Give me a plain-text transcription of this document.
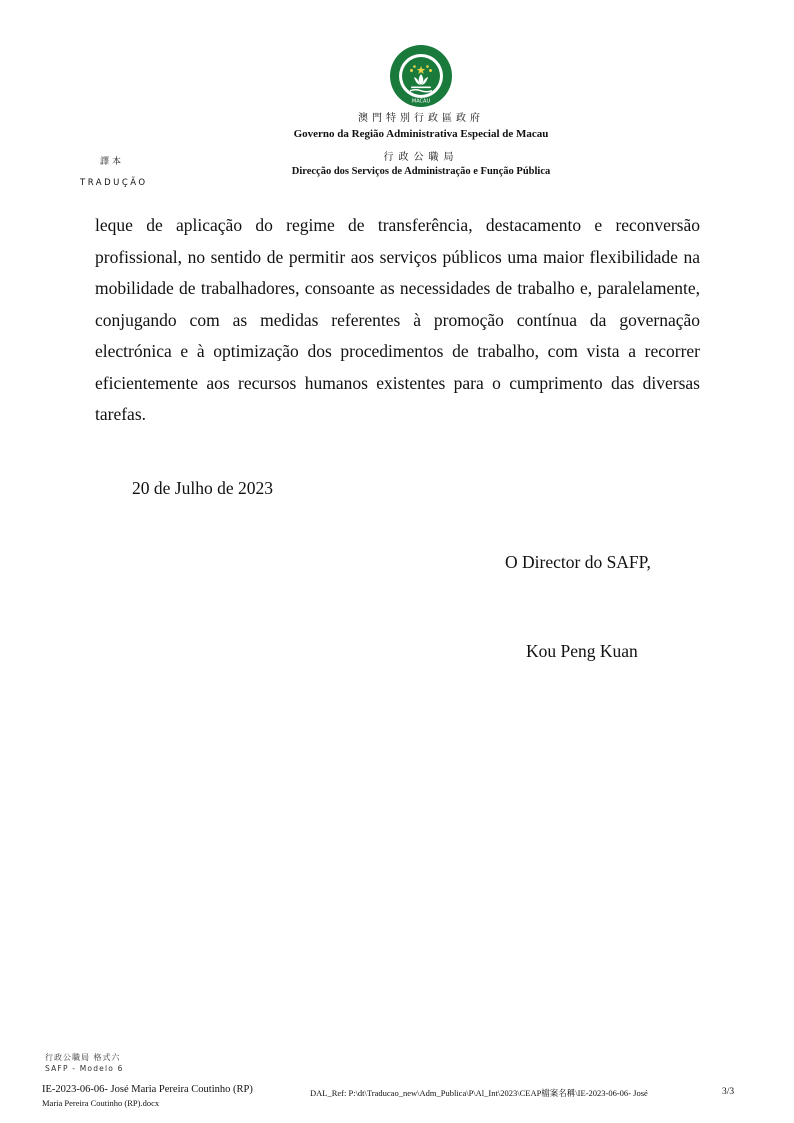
MACAU
澳門特別行政區政府
Governo da Região Administrativa Especial de Macau
行政公職局
Direcção dos Serviços de Administração e Função Pública
譯本
TRADUÇÃO
leque de aplicação do regime de transferência, destacamento e reconversão profissional, no sentido de permitir aos serviços públicos uma maior flexibilidade na mobilidade de trabalhadores, consoante as necessidades de trabalho e, paralelamente, conjugando com as medidas referentes à promoção contínua da governação electrónica e à optimização dos procedimentos de trabalho, com vista a recorrer eficientemente aos recursos humanos existentes para o cumprimento das diversas tarefas.
20 de Julho de 2023
O Director do SAFP,
Kou Peng Kuan
行政公職局 格式六
SAFP - Modelo 6
IE-2023-06-06- José Maria Pereira Coutinho (RP)
Maria Pereira Coutinho (RP).docx
DAL_Ref: P:\dt\Traducao_new\Adm_Publica\P\Al_Int\2023\CEAP檔案名稱\IE-2023-06-06- José	3/3
